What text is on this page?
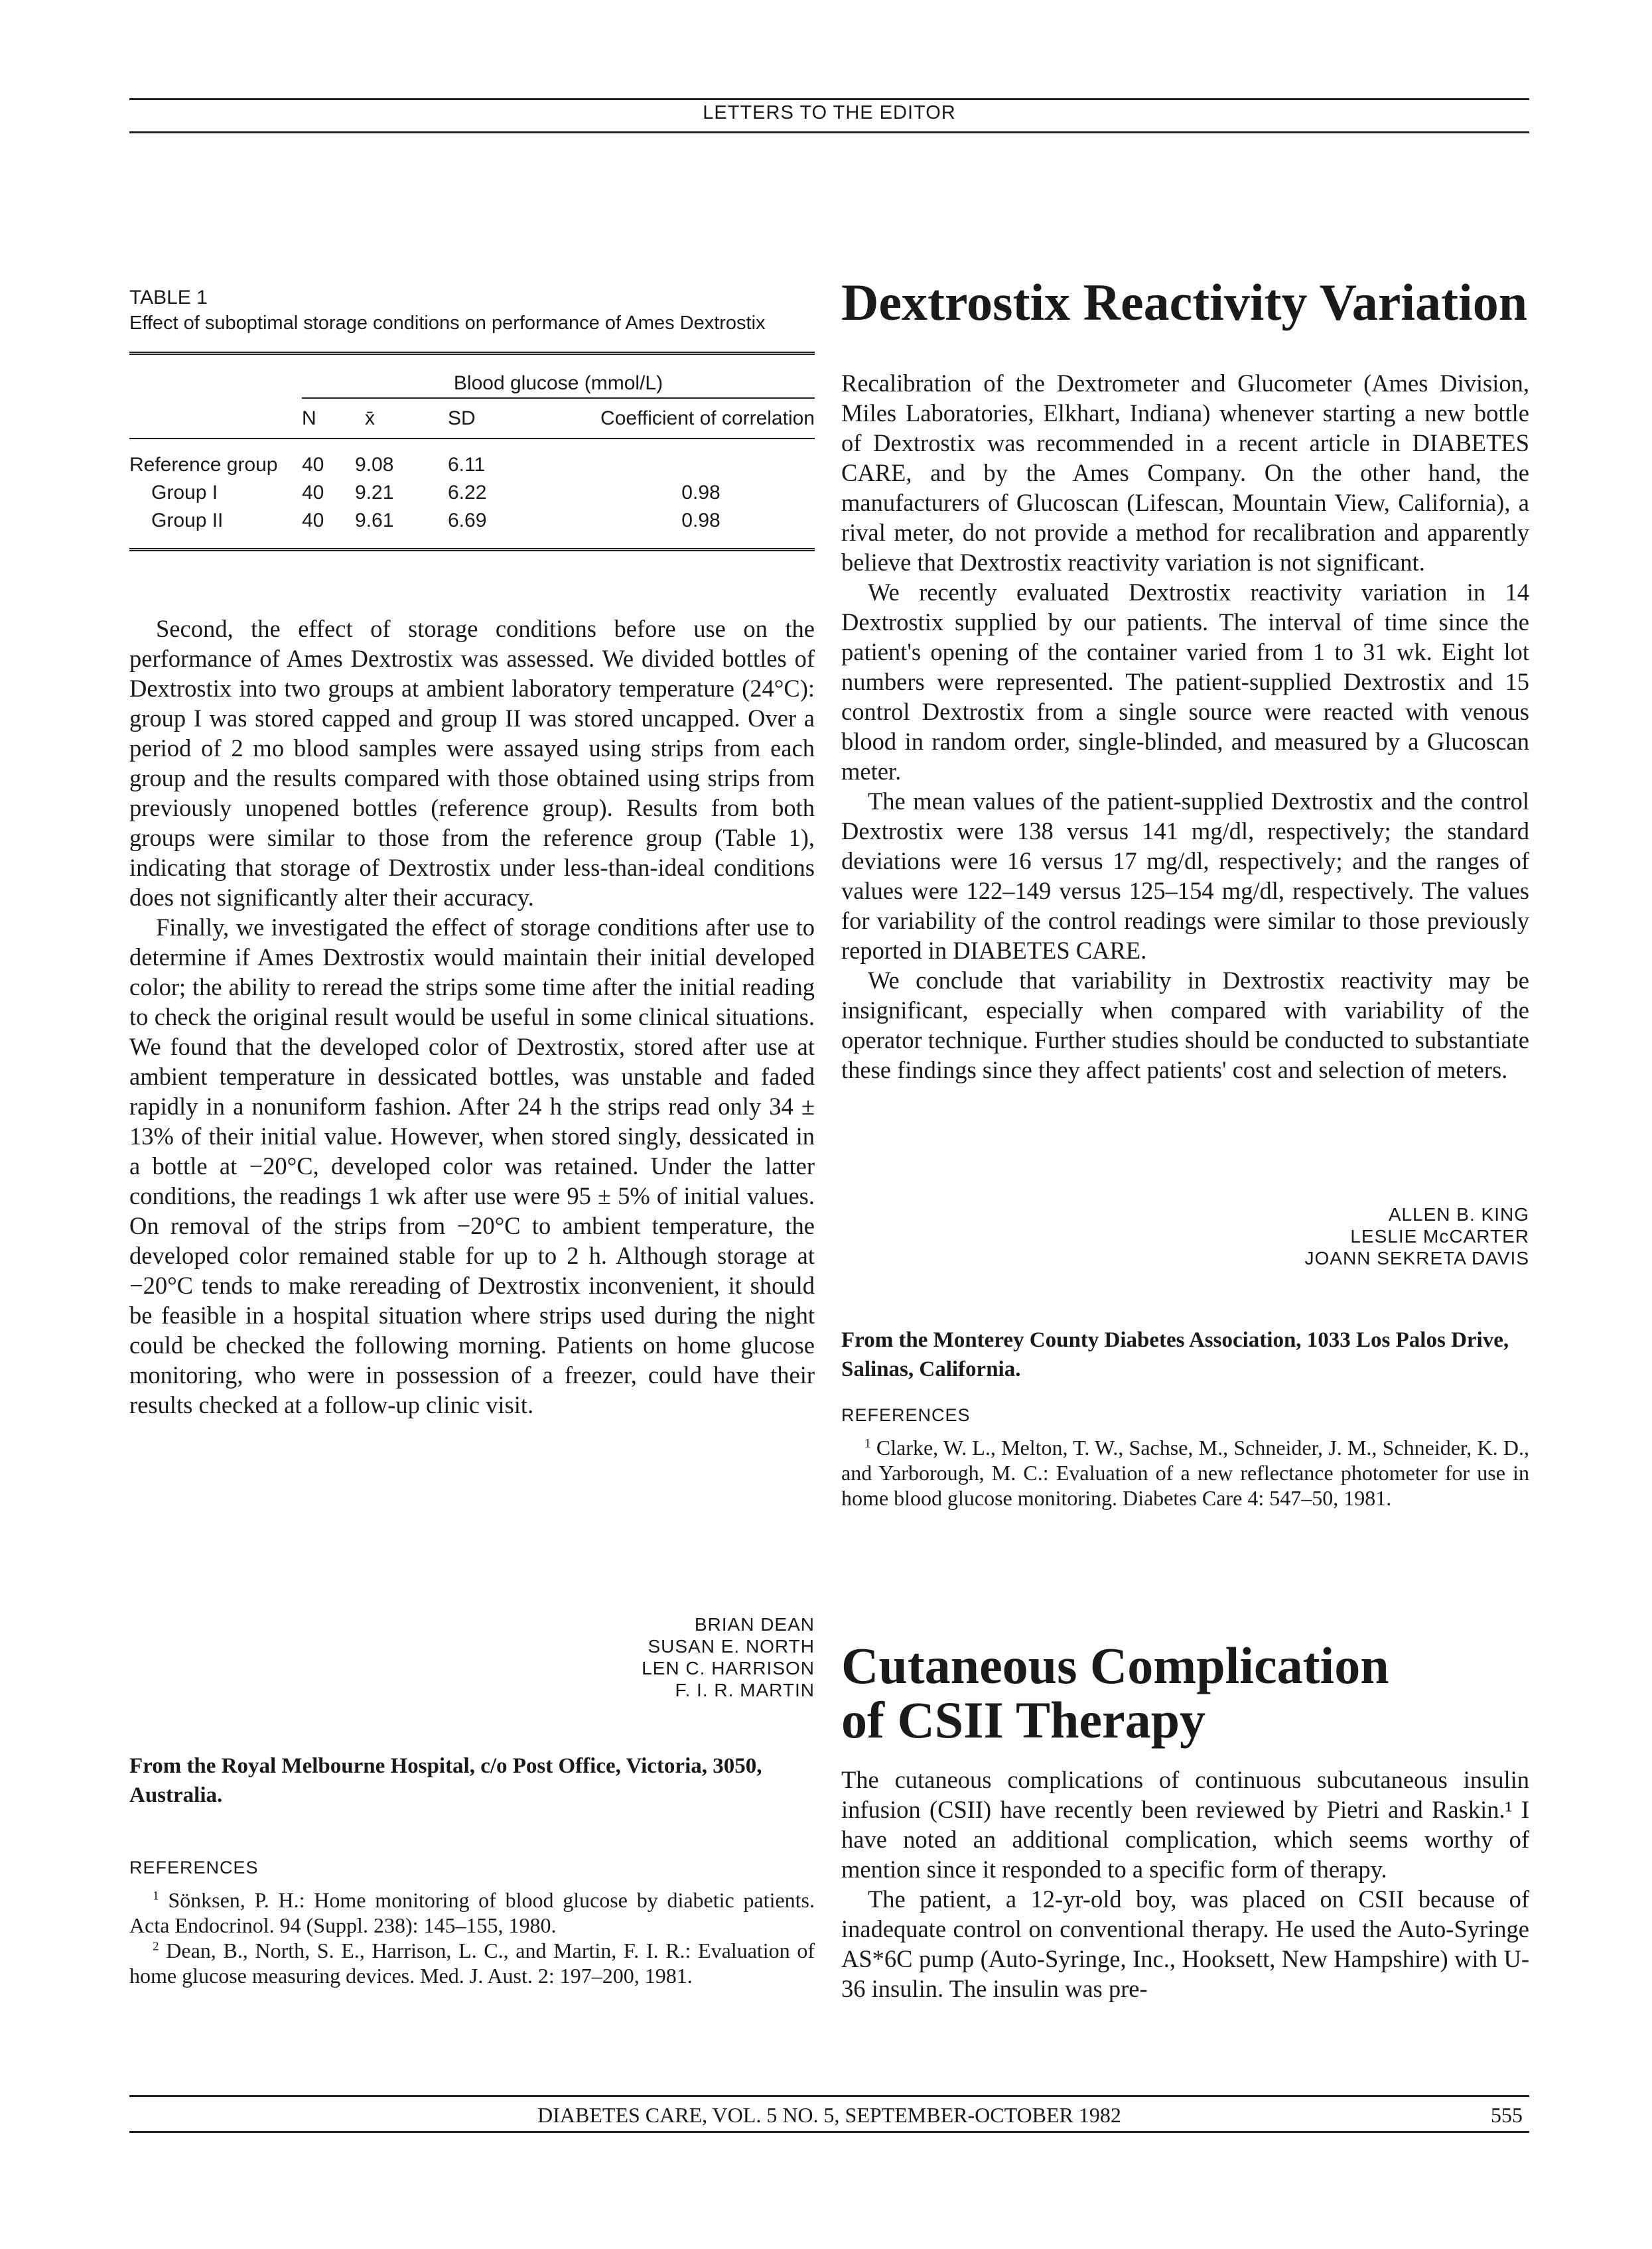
LETTERS TO THE EDITOR
TABLE 1
Effect of suboptimal storage conditions on performance of Ames Dextrostix
	Blood glucose (mmol/L)			
	N	x̄	SD	Coefficient of correlation
Reference group	40	9.08	6.11	
Group I	40	9.21	6.22	0.98
Group II	40	9.61	6.69	0.98

Second, the effect of storage conditions before use on the performance of Ames Dextrostix was assessed. We divided bottles of Dextrostix into two groups at ambient laboratory temperature (24°C): group I was stored capped and group II was stored uncapped. Over a period of 2 mo blood samples were assayed using strips from each group and the results compared with those obtained using strips from previously unopened bottles (reference group). Results from both groups were similar to those from the reference group (Table 1), indicating that storage of Dextrostix under less-than-ideal conditions does not significantly alter their accuracy.

Finally, we investigated the effect of storage conditions after use to determine if Ames Dextrostix would maintain their initial developed color; the ability to reread the strips some time after the initial reading to check the original result would be useful in some clinical situations. We found that the developed color of Dextrostix, stored after use at ambient temperature in dessicated bottles, was unstable and faded rapidly in a nonuniform fashion. After 24 h the strips read only 34 ± 13% of their initial value. However, when stored singly, dessicated in a bottle at −20°C, developed color was retained. Under the latter conditions, the readings 1 wk after use were 95 ± 5% of initial values. On removal of the strips from −20°C to ambient temperature, the developed color remained stable for up to 2 h. Although storage at −20°C tends to make rereading of Dextrostix inconvenient, it should be feasible in a hospital situation where strips used during the night could be checked the following morning. Patients on home glucose monitoring, who were in possession of a freezer, could have their results checked at a follow-up clinic visit.

BRIAN DEAN
SUSAN E. NORTH
LEN C. HARRISON
F. I. R. MARTIN
From the Royal Melbourne Hospital, c/o Post Office, Victoria, 3050, Australia.
REFERENCES

$^1$ Sönksen, P. H.: Home monitoring of blood glucose by diabetic patients. Acta Endocrinol. 94 (Suppl. 238): 145–155, 1980.

$^2$ Dean, B., North, S. E., Harrison, L. C., and Martin, F. I. R.: Evaluation of home glucose measuring devices. Med. J. Aust. 2: 197–200, 1981.

Dextrostix Reactivity Variation

Recalibration of the Dextrometer and Glucometer (Ames Division, Miles Laboratories, Elkhart, Indiana) whenever starting a new bottle of Dextrostix was recommended in a recent article in DIABETES CARE, and by the Ames Company. On the other hand, the manufacturers of Glucoscan (Lifescan, Mountain View, California), a rival meter, do not provide a method for recalibration and apparently believe that Dextrostix reactivity variation is not significant.

We recently evaluated Dextrostix reactivity variation in 14 Dextrostix supplied by our patients. The interval of time since the patient's opening of the container varied from 1 to 31 wk. Eight lot numbers were represented. The patient-supplied Dextrostix and 15 control Dextrostix from a single source were reacted with venous blood in random order, single-blinded, and measured by a Glucoscan meter.

The mean values of the patient-supplied Dextrostix and the control Dextrostix were 138 versus 141 mg/dl, respectively; the standard deviations were 16 versus 17 mg/dl, respectively; and the ranges of values were 122–149 versus 125–154 mg/dl, respectively. The values for variability of the control readings were similar to those previously reported in DIABETES CARE.

We conclude that variability in Dextrostix reactivity may be insignificant, especially when compared with variability of the operator technique. Further studies should be conducted to substantiate these findings since they affect patients' cost and selection of meters.

ALLEN B. KING
LESLIE McCARTER
JOANN SEKRETA DAVIS
From the Monterey County Diabetes Association, 1033 Los Palos Drive, Salinas, California.
REFERENCES

$^1$ Clarke, W. L., Melton, T. W., Sachse, M., Schneider, J. M., Schneider, K. D., and Yarborough, M. C.: Evaluation of a new reflectance photometer for use in home blood glucose monitoring. Diabetes Care 4: 547–50, 1981.

Cutaneous Complication of CSII Therapy

The cutaneous complications of continuous subcutaneous insulin infusion (CSII) have recently been reviewed by Pietri and Raskin.¹ I have noted an additional complication, which seems worthy of mention since it responded to a specific form of therapy.

The patient, a 12-yr-old boy, was placed on CSII because of inadequate control on conventional therapy. He used the Auto-Syringe AS*6C pump (Auto-Syringe, Inc., Hooksett, New Hampshire) with U-36 insulin. The insulin was pre-

DIABETES CARE, VOL. 5 NO. 5, SEPTEMBER-OCTOBER 1982	555
